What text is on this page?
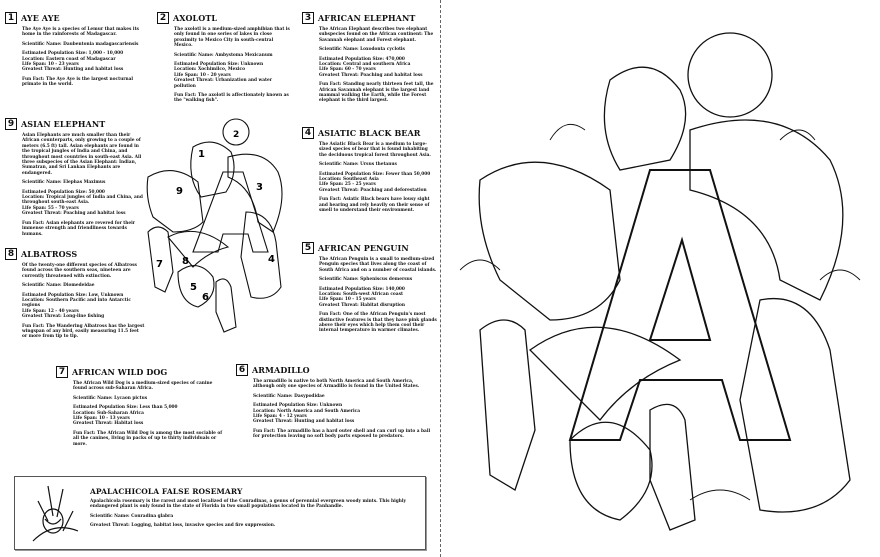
1 AYE AYE

The Aye Aye is a species of Lemur that makes its home in the rainforests of Madagascar.

Scientific Name: Daubentonia madagascariensis

Estimated Population Size: 1,000 - 10,000

Location: Eastern coast of Madagascar

Life Span: 10 - 23 years

Greatest Threat: Hunting and habitat loss

Fun Fact: The Aye Aye is the largest nocturnal primate in the world.

2 AXOLOTL

The axolotl is a medium-sized amphibian that is only found in one series of lakes in close proximity to Mexico City in south-central Mexico.

Scientific Name: Ambystoma Mexicanum

Estimated Population Size: Unknown

Location: Xochimilco, Mexico

Life Span: 10 - 20 years

Greatest Threat: Urbanization and water pollution

Fun Fact: The axolotl is affectionately known as the "walking fish".

3 AFRICAN ELEPHANT

The African Elephant describes two elephant subspecies found on the African continent: The Savannah elephant and Forest elephant.

Scientific Name: Loxodonta cyclotis

Estimated Population Size: 470,000

Location: Central and southern Africa

Life Span: 60 - 70 years

Greatest Threat: Poaching and habitat loss

Fun Fact: Standing nearly thirteen feet tall, the African Savannah elephant is the largest land mammal walking the Earth, while the Forest elephant is the third largest.

4 ASIATIC BLACK BEAR

The Asiatic Black Bear is a medium to large-sized species of bear that is found inhabiting the deciduous tropical forest throughout Asia.

Scientific Name: Ursus thetanus

Estimated Population Size: Fewer than 50,000

Location: Southeast Asia

Life Span: 25 - 25 years

Greatest Threat: Poaching and deforestation

Fun Fact: Asiatic Black bears have lousy sight and hearing and rely heavily on their sense of smell to understand their environment.

5 AFRICAN PENGUIN

The African Penguin is a small to medium-sized Penguin species that lives along the coast of South Africa and on a number of coastal islands.

Scientific Name: Spheniscus demersus

Estimated Population Size: 140,000

Location: South-west African coast

Life Span: 10 - 15 years

Greatest Threat: Habitat disruption

Fun Fact: One of the African Penguin's most distinctive features is that they have pink glands above their eyes which help them cool their internal temperature in warmer climates.

6 ARMADILLO

The armadillo is native to both North America and South America, although only one species of Armadillo is found in the United States.

Scientific Name: Dasypodidae

Estimated Population Size: Unknown

Location: North America and South America

Life Span: 4 - 12 years

Greatest Threat: Hunting and habitat loss

Fun Fact: The armadillo has a hard outer shell and can curl up into a ball for protection leaving no soft body parts exposed to predators.

7 AFRICAN WILD DOG

The African Wild Dog is a medium-sized species of canine found across sub-Saharan Africa.

Scientific Name: Lycaon pictus

Estimated Population Size: Less than 5,000

Location: Sub-Saharan Africa

Life Span: 10 - 13 years

Greatest Threat: Habitat loss

Fun Fact: The African Wild Dog is among the most sociable of all the canines, living in packs of up to thirty individuals or more.

8 ALBATROSS

Of the twenty-one different species of Albatross found across the southern seas, nineteen are currently threatened with extinction.

Scientific Name: Diomedeidae

Estimated Population Size: Low, Unknown

Location: Southern Pacific and into Antarctic regions

Life Span: 12 - 40 years

Greatest Threat: Long-line fishing

Fun Fact: The Wandering Albatross has the largest wingspan of any bird, easily measuring 11.5 feet or more from tip to tip.

9 ASIAN ELEPHANT

Asian Elephants are much smaller than their African counterparts, only growing to a couple of meters (6.5 ft) tall. Asian elephants are found in the tropical jungles of India and China, and throughout most countries in south-east Asia. All three subspecies of the Asian Elephant: Indian, Sumatran, and Sri Lankan Elephants are endangered.

Scientific Name: Elephas Maximus

Estimated Population Size: 50,000

Location: Tropical jungles of India and China, and throughout south-east Asia.

Life Span: 55 - 70 years

Greatest Threat: Poaching and habitat loss

Fun Fact: Asian elephants are revered for their immense strength and friendliness towards humans.

1
2
3
4
5
6
7 8
9
APALACHICOLA FALSE ROSEMARY

Apalachicola rosemary is the rarest and most localized of the Conradinas, a genus of perennial evergreen woody mints. This highly endangered plant is only found in the state of Florida in two small populations located in the Panhandle.

Scientific Name: Conradina glabra

Greatest Threat: Logging, habitat loss, invasive species and fire suppression.
